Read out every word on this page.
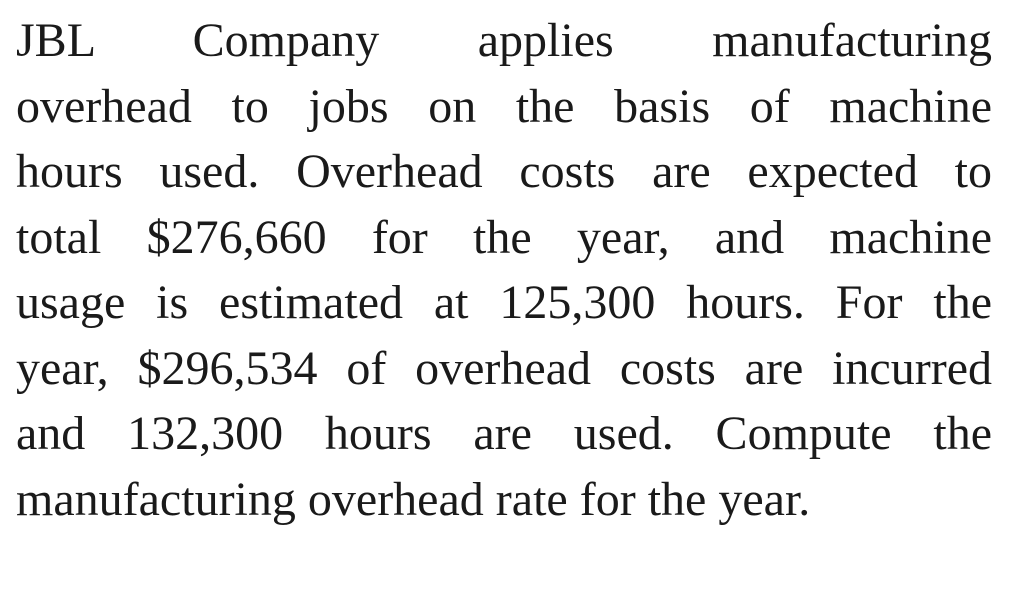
JBL Company applies manufacturing
overhead to jobs on the basis of machine
hours used. Overhead costs are expected to
total $276,660 for the year, and machine
usage is estimated at 125,300 hours. For the
year, $296,534 of overhead costs are incurred
and 132,300 hours are used. Compute the
manufacturing overhead rate for the year.
